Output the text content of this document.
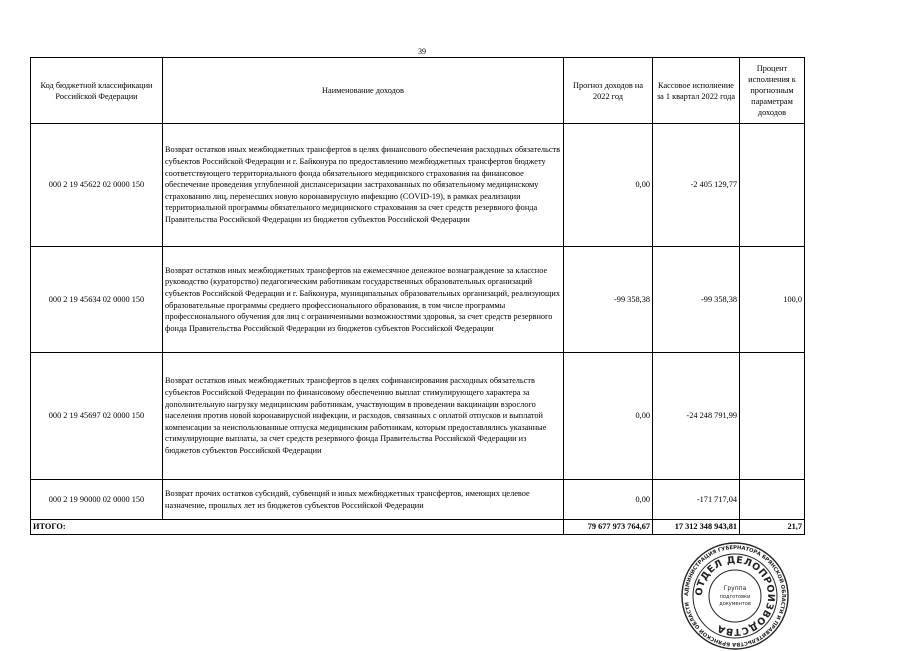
39
Код бюджетной классификации Российской Федерации	Наименование доходов	Прогноз доходов на 2022 год	Кассовое исполнение за 1 квартал 2022 года	Процент исполнения к прогнозным параметрам доходов
000 2 19 45622 02 0000 150	Возврат остатков иных межбюджетных трансфертов в целях финансового обеспечения расходных обязательств субъектов Российской Федерации и г. Байконура по предоставлению межбюджетных трансфертов бюджету соответствующего территориального фонда обязательного медицинского страхования на финансовое обеспечение проведения углубленной диспансеризации застрахованных по обязательному медицинскому страхованию лиц, перенесших новую коронавирусную инфекцию (COVID-19), в рамках реализации территориальной программы обязательного медицинского страхования за счет средств резервного фонда Правительства Российской Федерации из бюджетов субъектов Российской Федерации	0,00	-2 405 129,77	
000 2 19 45634 02 0000 150	Возврат остатков иных межбюджетных трансфертов на ежемесячное денежное вознаграждение за классное руководство (кураторство) педагогическим работникам государственных образовательных организаций субъектов Российской Федерации и г. Байконура, муниципальных образовательных организаций, реализующих образовательные программы среднего профессионального образования, в том числе программы профессионального обучения для лиц с ограниченными возможностями здоровья, за счет средств резервного фонда Правительства Российской Федерации из бюджетов субъектов Российской Федерации	-99 358,38	-99 358,38	100,0
000 2 19 45697 02 0000 150	Возврат остатков иных межбюджетных трансфертов в целях софинансирования расходных обязательств субъектов Российской Федерации по финансовому обеспечению выплат стимулирующего характера за дополнительную нагрузку медицинским работникам, участвующим в проведении вакцинации взрослого населения против новой коронавирусной инфекции, и расходов, связанных с оплатой отпусков и выплатой компенсации за неиспользованные отпуска медицинским работникам, которым предоставлялись указанные стимулирующие выплаты, за счет средств резервного фонда Правительства Российской Федерации из бюджетов субъектов Российской Федерации	0,00	-24 248 791,99	
000 2 19 90000 02 0000 150	Возврат прочих остатков субсидий, субвенций и иных межбюджетных трансфертов, имеющих целевое назначение, прошлых лет из бюджетов субъектов Российской Федерации	0,00	-171 717,04	
ИТОГО:		79 677 973 764,67	17 312 348 943,81	21,7
АДМИНИСТРАЦИЯ ГУБЕРНАТОРА БРЯНСКОЙ ОБЛАСТИ И ПРАВИТЕЛЬСТВА БРЯНСКОЙ ОБЛАСТИ
ОТДЕЛ ДЕЛОПРОИЗВОДСТВА
Группа
подготовки
документов
